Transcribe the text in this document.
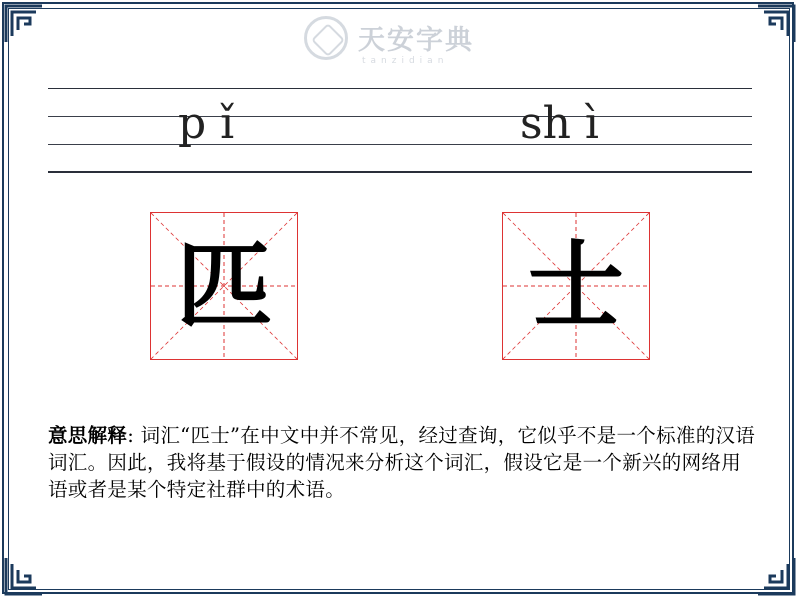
天安字典
tanzidian
p ǐ	sh ì
匹	士
意思解释: 词汇“匹士”在中文中并不常见，经过查询，它似乎不是一个标准的汉语词汇。因此，我将基于假设的情况来分析这个词汇，假设它是一个新兴的网络用语或者是某个特定社群中的术语。
